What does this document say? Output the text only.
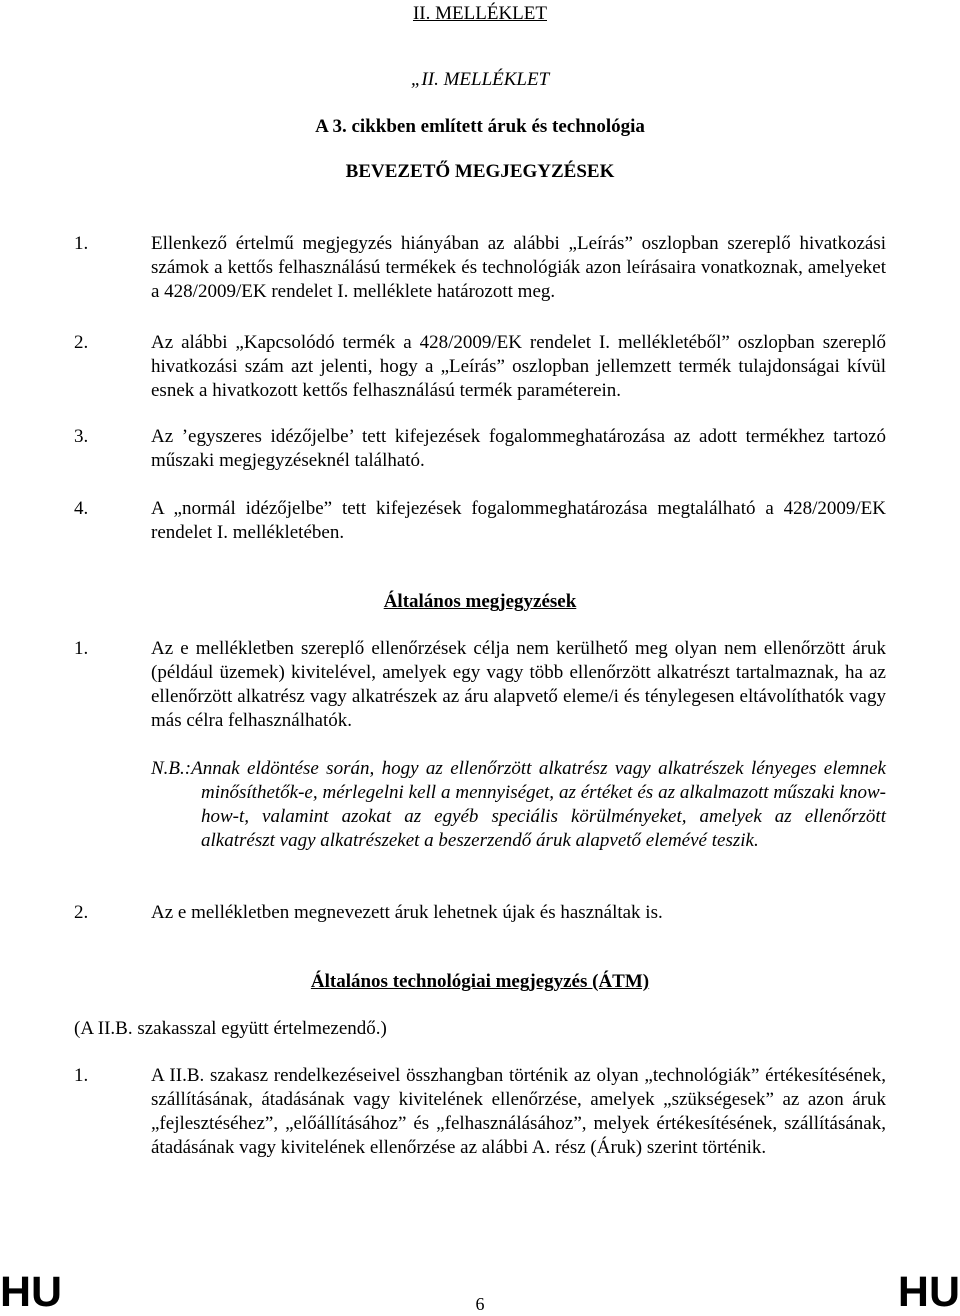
II. MELLÉKLET
„II. MELLÉKLET
A 3. cikkben említett áruk és technológia
BEVEZETŐ MEGJEGYZÉSEK
1.	Ellenkező értelmű megjegyzés hiányában az alábbi „Leírás” oszlopban szereplő hivatkozási számok a kettős felhasználású termékek és technológiák azon leírásaira vonatkoznak, amelyeket a 428/2009/EK rendelet I. melléklete határozott meg.
2.	Az alábbi „Kapcsolódó termék a 428/2009/EK rendelet I. mellékletéből” oszlopban szereplő hivatkozási szám azt jelenti, hogy a „Leírás” oszlopban jellemzett termék tulajdonságai kívül esnek a hivatkozott kettős felhasználású termék paraméterein.
3.	Az ’egyszeres idézőjelbe’ tett kifejezések fogalommeghatározása az adott termékhez tartozó műszaki megjegyzéseknél található.
4.	A „normál idézőjelbe” tett kifejezések fogalommeghatározása megtalálható a 428/2009/EK rendelet I. mellékletében.
Általános megjegyzések
1.	Az e mellékletben szereplő ellenőrzések célja nem kerülhető meg olyan nem ellenőrzött áruk (például üzemek) kivitelével, amelyek egy vagy több ellenőrzött alkatrészt tartalmaznak, ha az ellenőrzött alkatrész vagy alkatrészek az áru alapvető eleme/i és ténylegesen eltávolíthatók vagy más célra felhasználhatók.
N.B.:Annak eldöntése során, hogy az ellenőrzött alkatrész vagy alkatrészek lényeges elemnek minősíthetők-e, mérlegelni kell a mennyiséget, az értéket és az alkalmazott műszaki know-how-t, valamint azokat az egyéb speciális körülményeket, amelyek az ellenőrzött alkatrészt vagy alkatrészeket a beszerzendő áruk alapvető elemévé teszik.
2.	Az e mellékletben megnevezett áruk lehetnek újak és használtak is.
Általános technológiai megjegyzés (ÁTM)
(A II.B. szakasszal együtt értelmezendő.)
1.	A II.B. szakasz rendelkezéseivel összhangban történik az olyan „technológiák” értékesítésének, szállításának, átadásának vagy kivitelének ellenőrzése, amelyek „szükségesek” az azon áruk „fejlesztéséhez”, „előállításához” és „felhasználásához”, melyek értékesítésének, szállításának, átadásának vagy kivitelének ellenőrzése az alábbi A. rész (Áruk) szerint történik.
HU	6	HU
